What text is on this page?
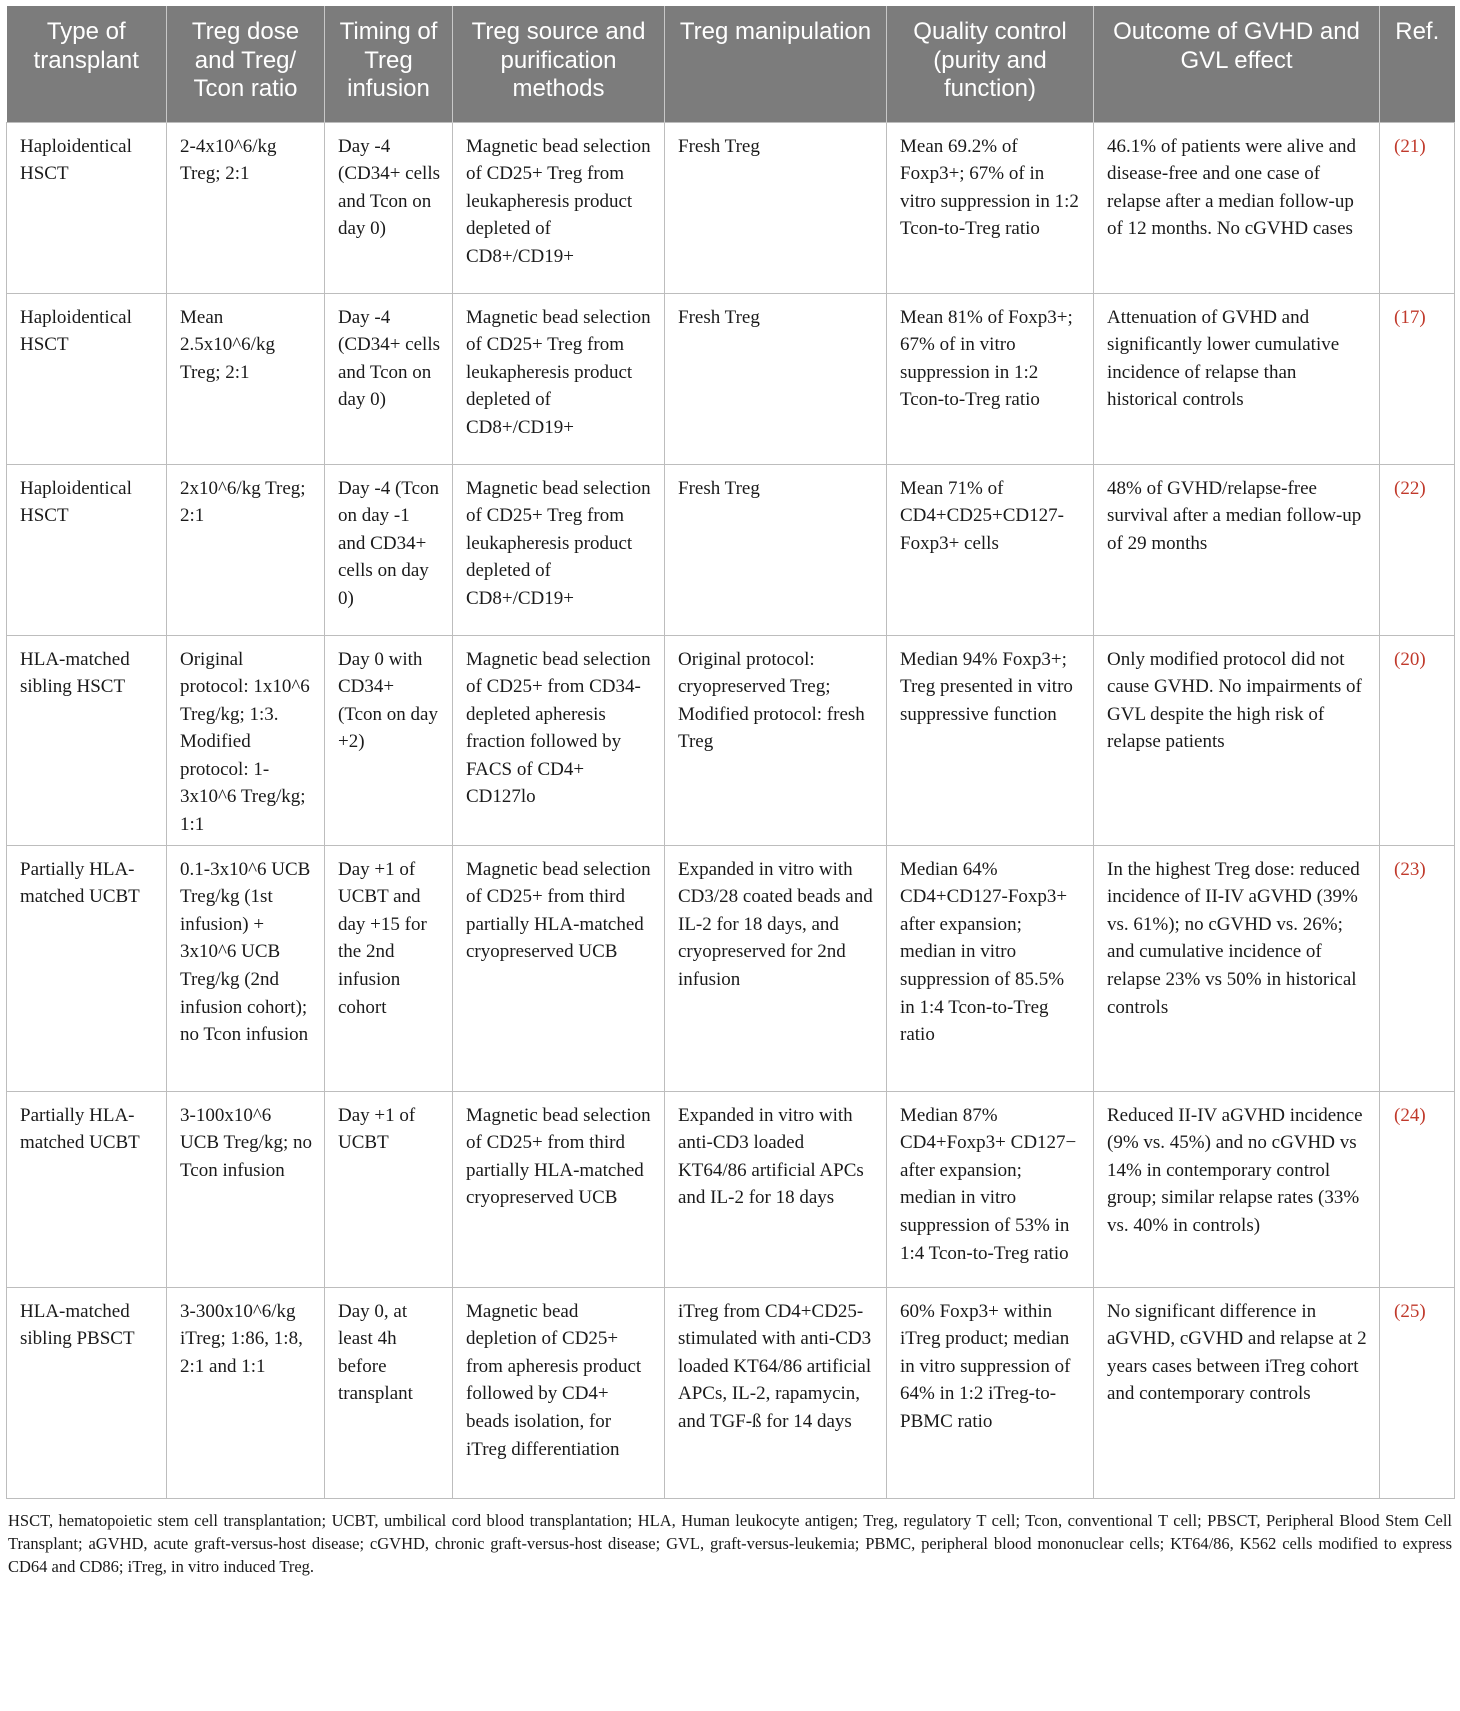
Type of transplant	Treg dose and Treg/ Tcon ratio	Timing of Treg infusion	Treg source and purification methods	Treg manipulation	Quality control (purity and function)	Outcome of GVHD and GVL effect	Ref.
Haploidentical HSCT	2-4x10^6/kg Treg; 2:1	Day -4 (CD34+ cells and Tcon on day 0)	Magnetic bead selection of CD25+ Treg from leukapheresis product depleted of CD8+/CD19+	Fresh Treg	Mean 69.2% of Foxp3+; 67% of in vitro suppression in 1:2 Tcon-to-Treg ratio	46.1% of patients were alive and disease-free and one case of relapse after a median follow-up of 12 months. No cGVHD cases	(21)
Haploidentical HSCT	Mean 2.5x10^6/kg Treg; 2:1	Day -4 (CD34+ cells and Tcon on day 0)	Magnetic bead selection of CD25+ Treg from leukapheresis product depleted of CD8+/CD19+	Fresh Treg	Mean 81% of Foxp3+; 67% of in vitro suppression in 1:2 Tcon-to-Treg ratio	Attenuation of GVHD and significantly lower cumulative incidence of relapse than historical controls	(17)
Haploidentical HSCT	2x10^6/kg Treg; 2:1	Day -4 (Tcon on day -1 and CD34+ cells on day 0)	Magnetic bead selection of CD25+ Treg from leukapheresis product depleted of CD8+/CD19+	Fresh Treg	Mean 71% of CD4+CD25+CD127- Foxp3+ cells	48% of GVHD/relapse-free survival after a median follow-up of 29 months	(22)
HLA-matched sibling HSCT	Original protocol: 1x10^6 Treg/kg; 1:3. Modified protocol: 1-3x10^6 Treg/kg; 1:1	Day 0 with CD34+ (Tcon on day +2)	Magnetic bead selection of CD25+ from CD34-depleted apheresis fraction followed by FACS of CD4+ CD127lo	Original protocol: cryopreserved Treg; Modified protocol: fresh Treg	Median 94% Foxp3+; Treg presented in vitro suppressive function	Only modified protocol did not cause GVHD. No impairments of GVL despite the high risk of relapse patients	(20)
Partially HLA-matched UCBT	0.1-3x10^6 UCB Treg/kg (1st infusion) + 3x10^6 UCB Treg/kg (2nd infusion cohort); no Tcon infusion	Day +1 of UCBT and day +15 for the 2nd infusion cohort	Magnetic bead selection of CD25+ from third partially HLA-matched cryopreserved UCB	Expanded in vitro with CD3/28 coated beads and IL-2 for 18 days, and cryopreserved for 2nd infusion	Median 64% CD4+CD127-Foxp3+ after expansion; median in vitro suppression of 85.5% in 1:4 Tcon-to-Treg ratio	In the highest Treg dose: reduced incidence of II-IV aGVHD (39% vs. 61%); no cGVHD vs. 26%; and cumulative incidence of relapse 23% vs 50% in historical controls	(23)
Partially HLA-matched UCBT	3-100x10^6 UCB Treg/kg; no Tcon infusion	Day +1 of UCBT	Magnetic bead selection of CD25+ from third partially HLA-matched cryopreserved UCB	Expanded in vitro with anti-CD3 loaded KT64/86 artificial APCs and IL-2 for 18 days	Median 87% CD4+Foxp3+ CD127− after expansion; median in vitro suppression of 53% in 1:4 Tcon-to-Treg ratio	Reduced II-IV aGVHD incidence (9% vs. 45%) and no cGVHD vs 14% in contemporary control group; similar relapse rates (33% vs. 40% in controls)	(24)
HLA-matched sibling PBSCT	3-300x10^6/kg iTreg; 1:86, 1:8, 2:1 and 1:1	Day 0, at least 4h before transplant	Magnetic bead depletion of CD25+ from apheresis product followed by CD4+ beads isolation, for iTreg differentiation	iTreg from CD4+CD25- stimulated with anti-CD3 loaded KT64/86 artificial APCs, IL-2, rapamycin, and TGF-ß for 14 days	60% Foxp3+ within iTreg product; median in vitro suppression of 64% in 1:2 iTreg-to-PBMC ratio	No significant difference in aGVHD, cGVHD and relapse at 2 years cases between iTreg cohort and contemporary controls	(25)
HSCT, hematopoietic stem cell transplantation; UCBT, umbilical cord blood transplantation; HLA, Human leukocyte antigen; Treg, regulatory T cell; Tcon, conventional T cell; PBSCT, Peripheral Blood Stem Cell Transplant; aGVHD, acute graft-versus-host disease; cGVHD, chronic graft-versus-host disease; GVL, graft-versus-leukemia; PBMC, peripheral blood mononuclear cells; KT64/86, K562 cells modified to express CD64 and CD86; iTreg, in vitro induced Treg.
